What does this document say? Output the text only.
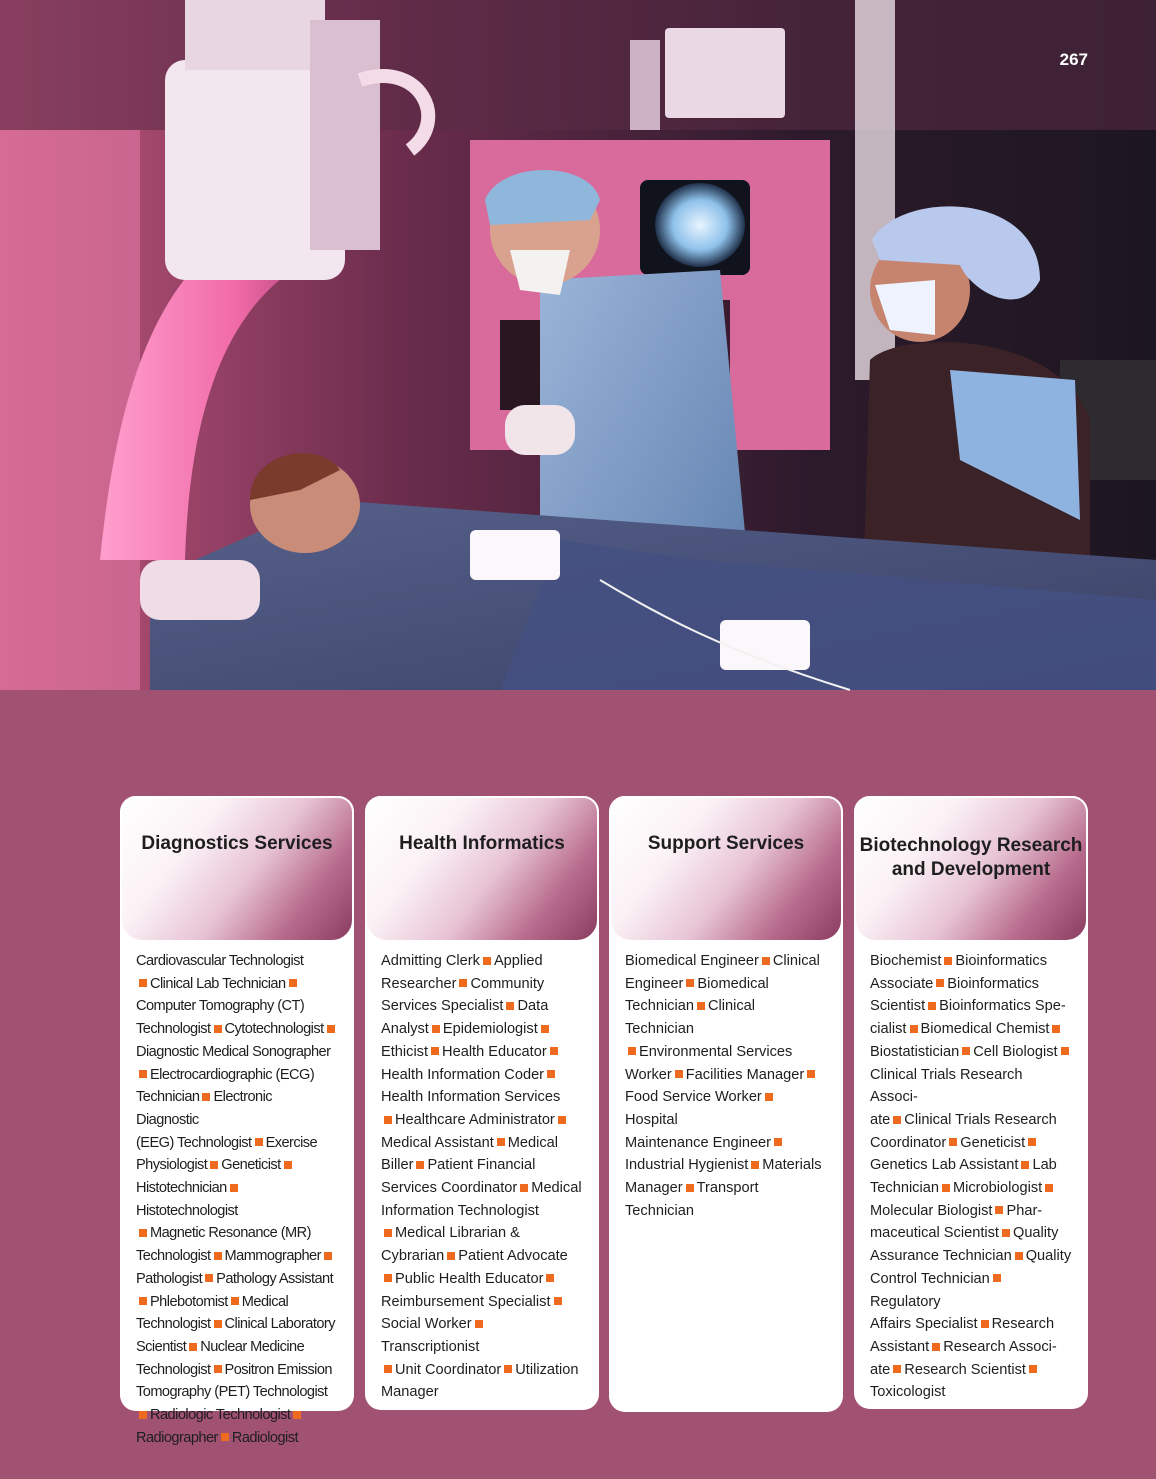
267
Diagnostics Services
Cardiovascular Technologist
Clinical Lab Technician
Computer Tomography (CT)
Technologist Cytotechnologist
Diagnostic Medical Sonographer
Electrocardiographic (ECG)
Technician Electronic Diagnostic
(EEG) Technologist Exercise
Physiologist Geneticist
HistotechnicianHistotechnologist
Magnetic Resonance (MR)
Technologist Mammographer
Pathologist Pathology Assistant
Phlebotomist Medical
Technologist Clinical Laboratory
Scientist Nuclear Medicine
Technologist Positron Emission
Tomography (PET) Technologist
Radiologic Technologist
Radiographer Radiologist
Health Informatics
Admitting Clerk Applied
Researcher Community
Services Specialist Data
Analyst Epidemiologist
Ethicist Health Educator
Health Information Coder
Health Information Services
Healthcare Administrator
Medical Assistant Medical
Biller Patient Financial
Services Coordinator Medical
Information Technologist
Medical Librarian &
Cybrarian Patient Advocate
Public Health Educator
Reimbursement Specialist
Social WorkerTranscriptionist
Unit Coordinator Utilization
Manager
Support Services
Biomedical Engineer Clinical
Engineer Biomedical
Technician Clinical Technician
Environmental Services
Worker Facilities Manager
Food Service WorkerHospital
Maintenance Engineer
Industrial Hygienist Materials
Manager Transport Technician
Biotechnology Research
and Development
Biochemist Bioinformatics
Associate Bioinformatics
Scientist Bioinformatics Spe-
cialist Biomedical Chemist
Biostatistician Cell Biologist
Clinical Trials Research Associ-
ate Clinical Trials Research
Coordinator Geneticist
Genetics Lab Assistant Lab
Technician Microbiologist
Molecular Biologist Phar-
maceutical Scientist Quality
Assurance Technician Quality
Control TechnicianRegulatory
Affairs Specialist Research
Assistant Research Associ-
ate Research Scientist
Toxicologist
